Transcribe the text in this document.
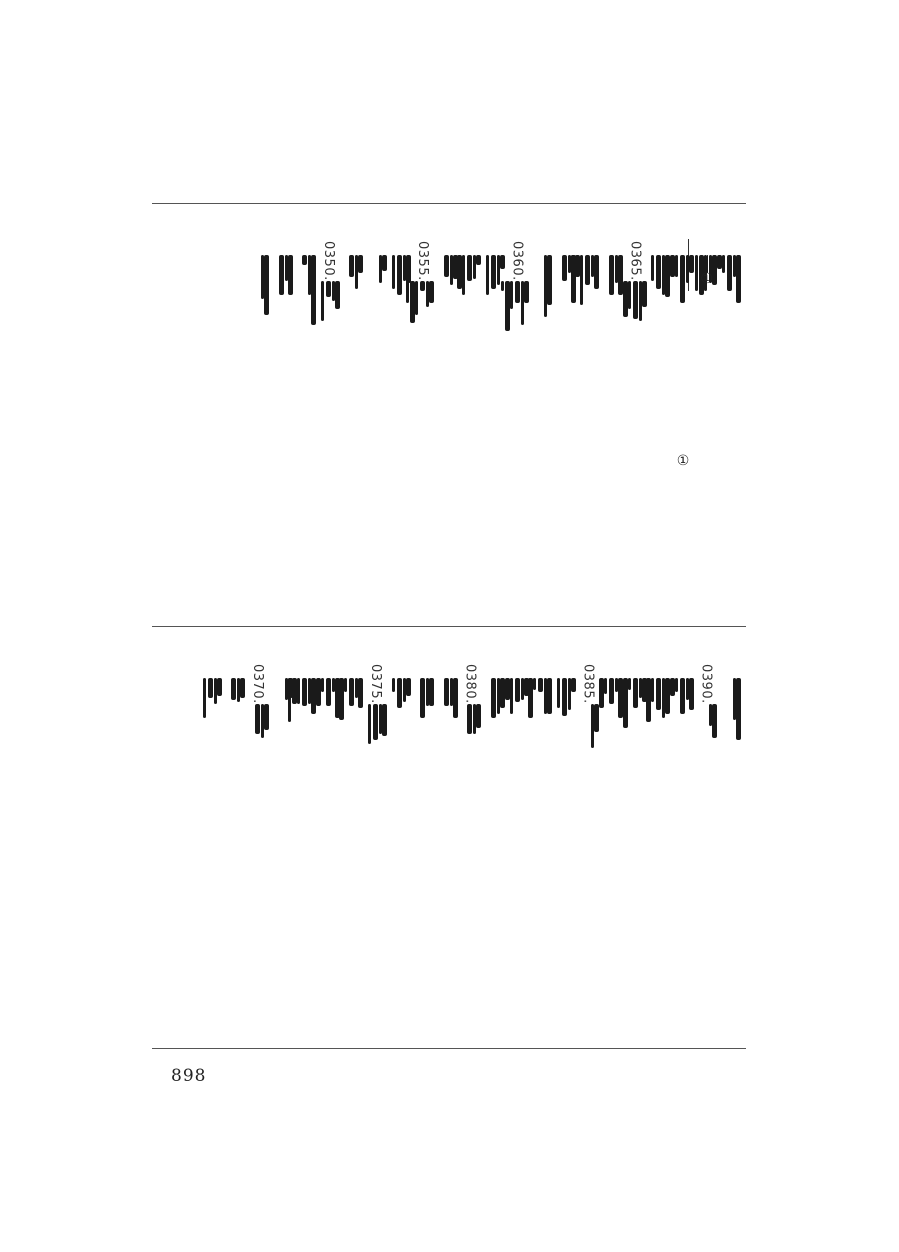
①
①
0365.
0360.
0355.
0350.
0390.
0385.
0380.
0375.
0370.
898
